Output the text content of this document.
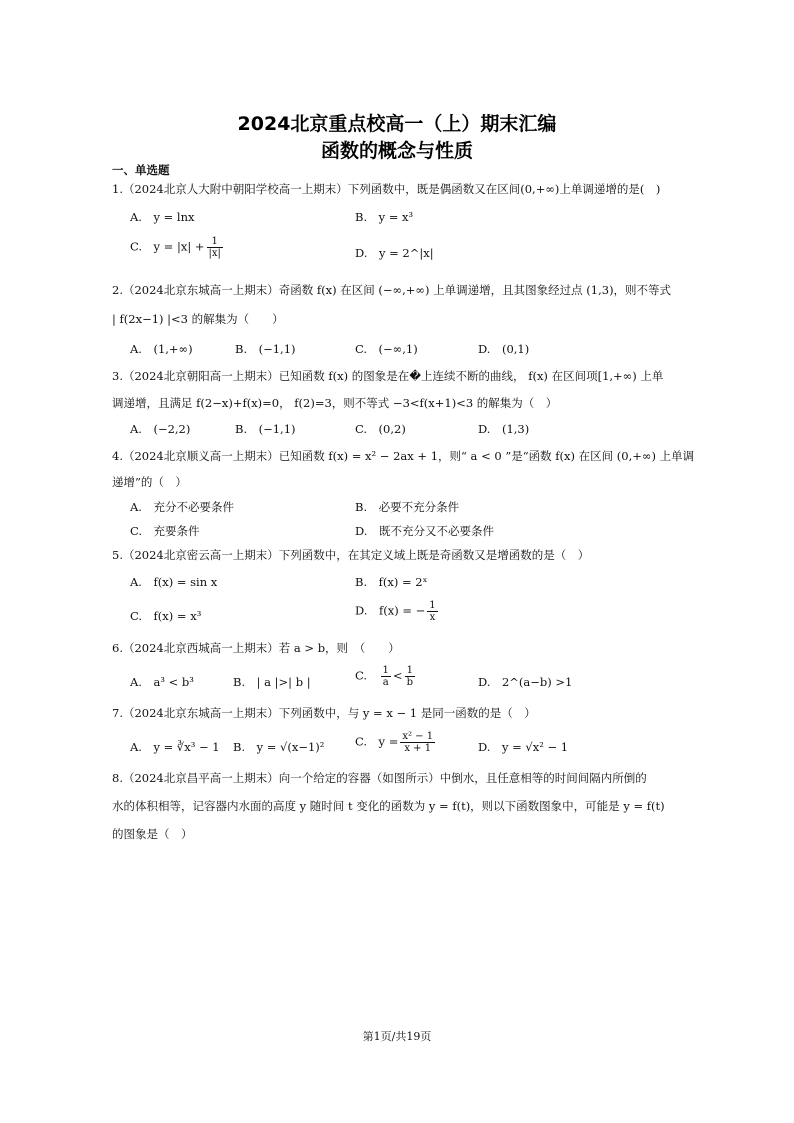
2024北京重点校高一（上）期末汇编
函数的概念与性质
一、单选题
1.（2024北京人大附中朝阳学校高一上期末）下列函数中，既是偶函数又在区间(0,+∞)上单调递增的是(　)
A.　y = lnx	B.　y = x³
C.　$y = |x| + \frac{1}{|x|}$	D.　y = 2^|x|
2.（2024北京东城高一上期末）奇函数 f(x) 在区间 (−∞,+∞) 上单调递增，且其图象经过点 (1,3)，则不等式
| f(2x−1) |<3 的解集为（　　）
A.　(1,+∞)	B.　(−1,1)	C.　(−∞,1)	D.　(0,1)
3.（2024北京朝阳高一上期末）已知函数 f(x) 的图象是在�上连续不断的曲线， f(x) 在区间项[1,+∞) 上单
调递增，且满足 f(2−x)+f(x)=0， f(2)=3，则不等式 −3<f(x+1)<3 的解集为（　）
A.　(−2,2)	B.　(−1,1)	C.　(0,2)	D.　(1,3)
4.（2024北京顺义高一上期末）已知函数 f(x) = x² − 2ax + 1，则“ a < 0 ”是“函数 f(x) 在区间 (0,+∞) 上单调
递增”的（　）
A.　充分不必要条件	B.　必要不充分条件
C.　充要条件	D.　既不充分又不必要条件
5.（2024北京密云高一上期末）下列函数中，在其定义域上既是奇函数又是增函数的是（　）
A.　f(x) = sin x	B.　f(x) = 2ˣ
C.　f(x) = x³	D.　f(x) = − $\frac{1}{x}$
6.（2024北京西城高一上期末）若 a > b，则　（　　）
A.　a³ < b³	B.　| a |>| b |	C.　 $\frac{1}{a} < \frac{1}{b}$	D.　2^(a−b) >1
7.（2024北京东城高一上期末）下列函数中，与 y = x − 1 是同一函数的是（　）
A.　y = ∛x³ − 1 B.　y = √(x−1)²	C.　$y = \frac{\text{x² − 1}}{x + 1}$	D.　y = √x² − 1
8.（2024北京昌平高一上期末）向一个给定的容器（如图所示）中倒水，且任意相等的时间间隔内所倒的
水的体积相等，记容器内水面的高度 y 随时间 t 变化的函数为 y = f(t)，则以下函数图象中，可能是 y = f(t)
的图象是（　）
第1页/共19页
